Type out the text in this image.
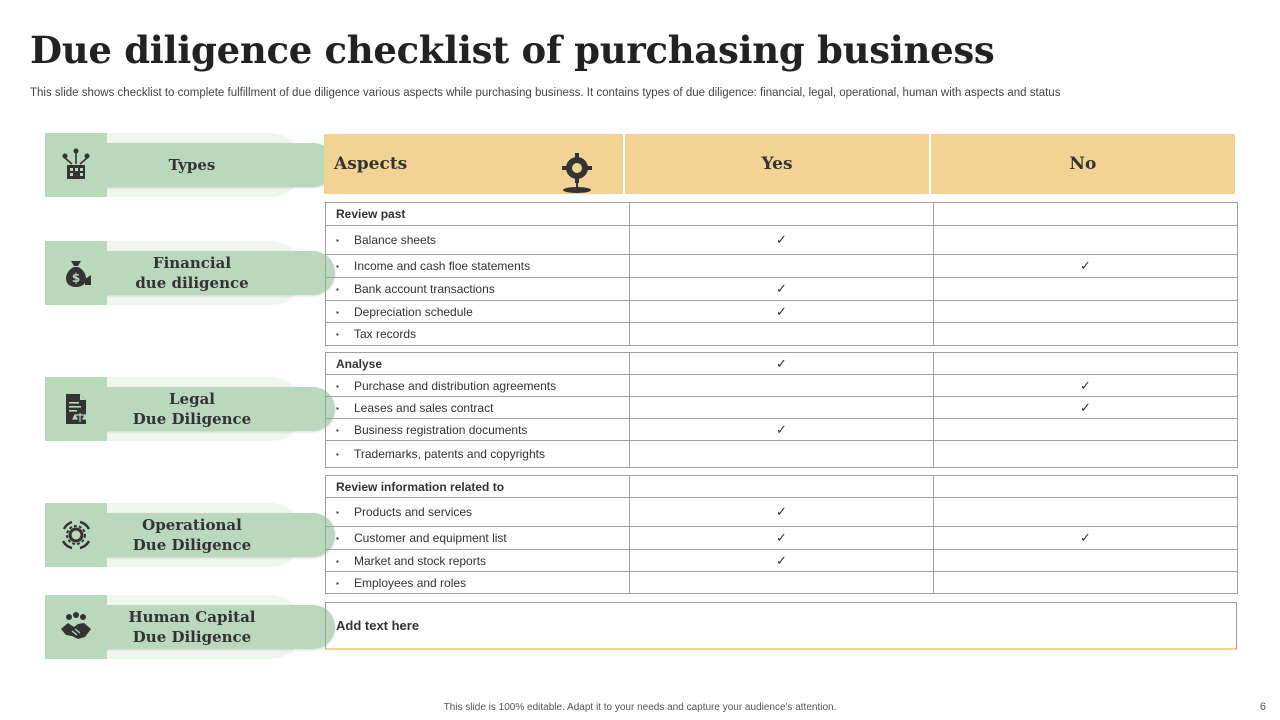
Due diligence checklist of purchasing business
This slide shows checklist to complete fulfillment of due diligence various aspects while purchasing business. It contains types of due diligence: financial, legal, operational, human with aspects and status
Types
$
Financial
due diligence
Legal
Due Diligence
Operational
Due Diligence
Human Capital
Due Diligence
Aspects	Yes	No
Review past		
▪ Balance sheets	✓	
▪ Income and cash floe statements		✓
▪ Bank account transactions	✓	
▪ Depreciation schedule	✓	
▪ Tax records		
Analyse	✓	
▪ Purchase and distribution agreements		✓
▪ Leases and sales contract		✓
▪ Business registration documents	✓	
▪ Trademarks, patents and copyrights		
Review information related to		
▪ Products and services	✓	
▪ Customer and equipment list	✓	✓
▪ Market and stock reports	✓	
▪ Employees and roles		
Add text here
This slide is 100% editable. Adapt it to your needs and capture your audience's attention.	6
